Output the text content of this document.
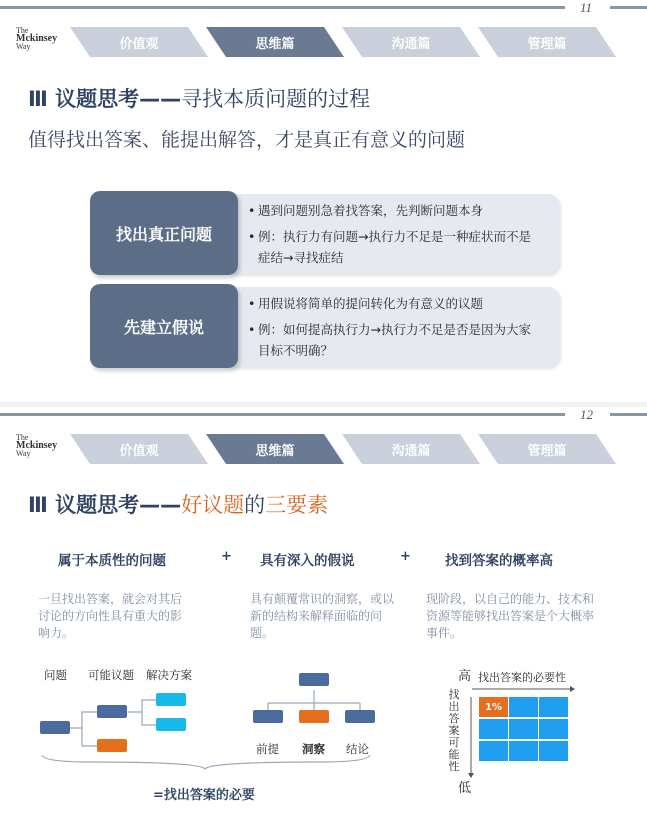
11
The
Mckinsey
Way	价值观	思维篇	沟通篇	管理篇
Ⅲ 议题思考——寻找本质问题的过程
值得找出答案、能提出解答，才是真正有意义的问题
找出真正问题
• 遇到问题别急着找答案，先判断问题本身
• 例：执行力有问题→执行力不足是一种症状而不是症结→寻找症结
先建立假说
• 用假说将简单的提问转化为有意义的议题
• 例：如何提高执行力→执行力不足是否是因为大家目标不明确？
12
The
Mckinsey
Way	价值观	思维篇	沟通篇	管理篇
Ⅲ 议题思考——好议题的三要素
属于本质性的问题	+ 具有深入的假说	+	找到答案的概率高
一旦找出答案，就会对其后讨论的方向性具有重大的影响力。
具有颠覆常识的洞察，或以新的结构来解释面临的问题。
现阶段，以自己的能力、技术和资源等能够找出答案是个大概率事件。
问题 可能议题 解决方案
前提 洞察 结论
高 找出答案的必要性
找出答案可能性
1%
低
=找出答案的必要
